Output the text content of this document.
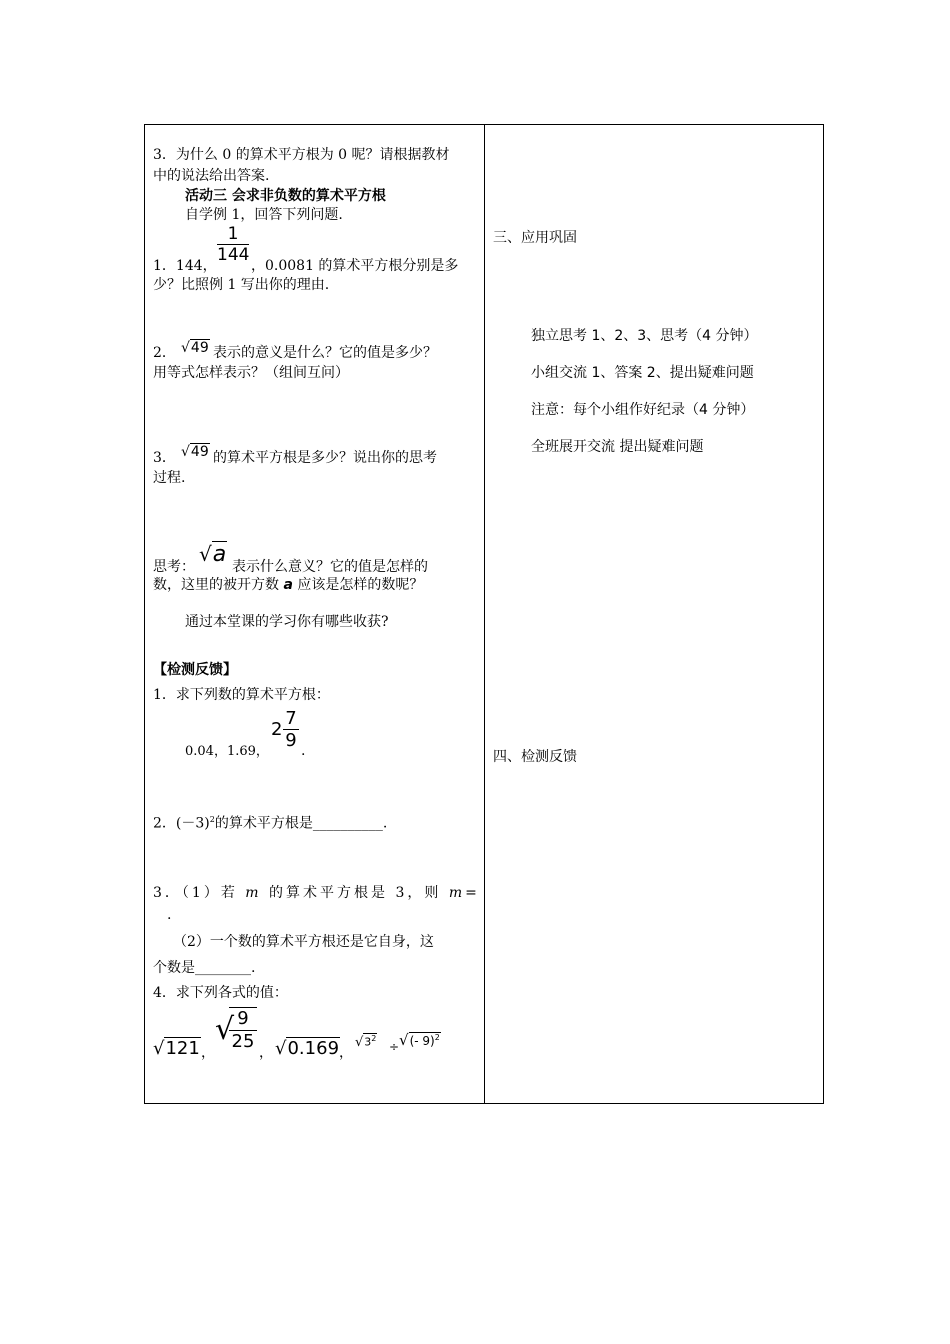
3．为什么 0 的算术平方根为 0 呢？请根据教材
中的说法给出答案.
活动三 会求非负数的算术平方根
自学例 1，回答下列问题.
$\frac{1}{144}$
1．144， ，0.0081 的算术平方根分别是多
少？比照例 1 写出你的理由.
2． √49 表示的意义是什么？它的值是多少？
用等式怎样表示？（组间互问）
3． √49 的算术平方根是多少？说出你的思考
过程.
思考：
√a 表示什么意义？它的值是怎样的
数，这里的被开方数 a 应该是怎样的数呢？
通过本堂课的学习你有哪些收获?
【检测反馈】
1．求下列数的算术平方根：
0.04，1.69，
$2 \frac{7}{9}$ .
2．$(-3)^2$的算术平方根是__________.
3．（1）若 m 的算术平方根是 3，则 m=
.
（2）一个数的算术平方根还是它自身，这
个数是________.
4．求下列各式的值：
√121 ，
√
$\frac{9}{25}$ ， √0.169 ，
$√3^2$
÷ √(- 9)$^2$
三、应用巩固
独立思考 1、2、3、思考（4 分钟）
小组交流 1、答案 2、提出疑难问题
注意：每个小组作好纪录（4 分钟）
全班展开交流 提出疑难问题
四、检测反馈
